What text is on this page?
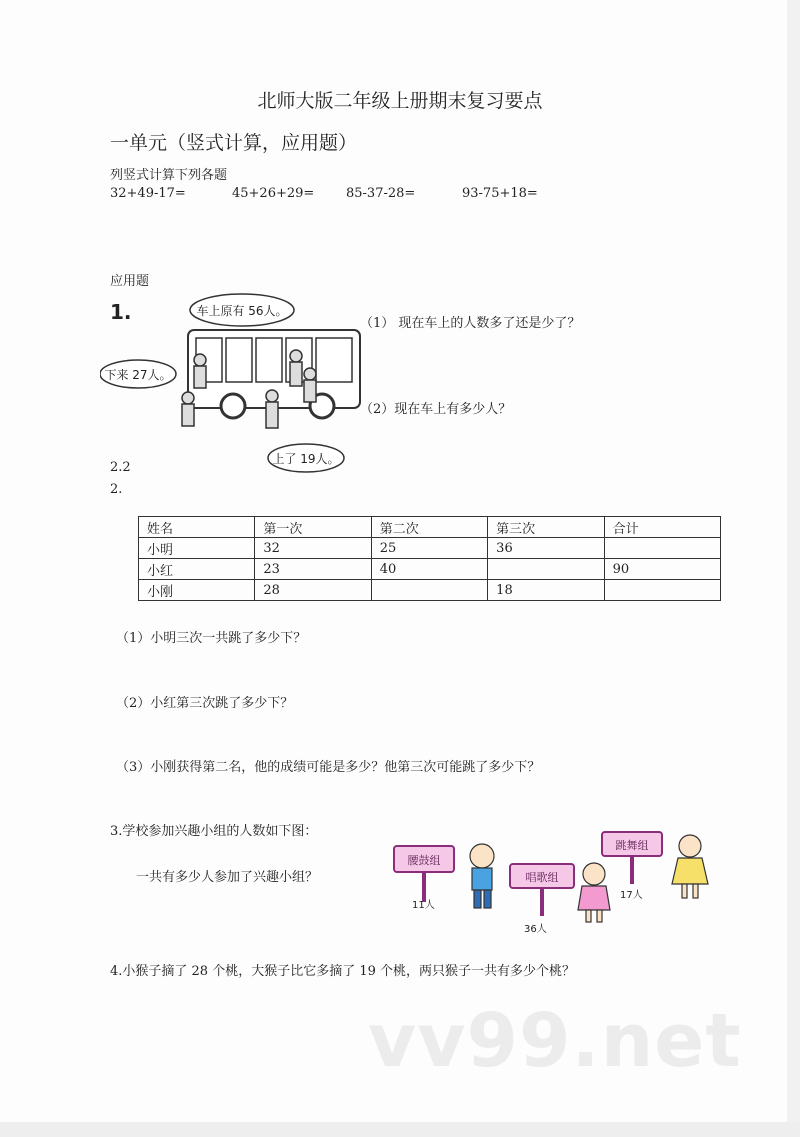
北师大版二年级上册期末复习要点
一单元（竖式计算，应用题）
列竖式计算下列各题
32+49-17=	45+26+29= 85-37-28=	93-75+18=
应用题
1.	车上原有 56人。
下来 27人。
上了 19人。
（1） 现在车上的人数多了还是少了？
（2）现在车上有多少人？
2.2
2.
姓名	第一次	第二次	第三次	合计
小明	32	25	36	
小红	23	40		90
小刚	28		18	
（1）小明三次一共跳了多少下？
（2）小红第三次跳了多少下？
（3）小刚获得第二名，他的成绩可能是多少？他第三次可能跳了多少下？
3.学校参加兴趣小组的人数如下图：
一共有多少人参加了兴趣小组？
腰鼓组
11人
唱歌组
36人
跳舞组
17人
4.小猴子摘了 28 个桃，大猴子比它多摘了 19 个桃，两只猴子一共有多少个桃？
vv99.net
